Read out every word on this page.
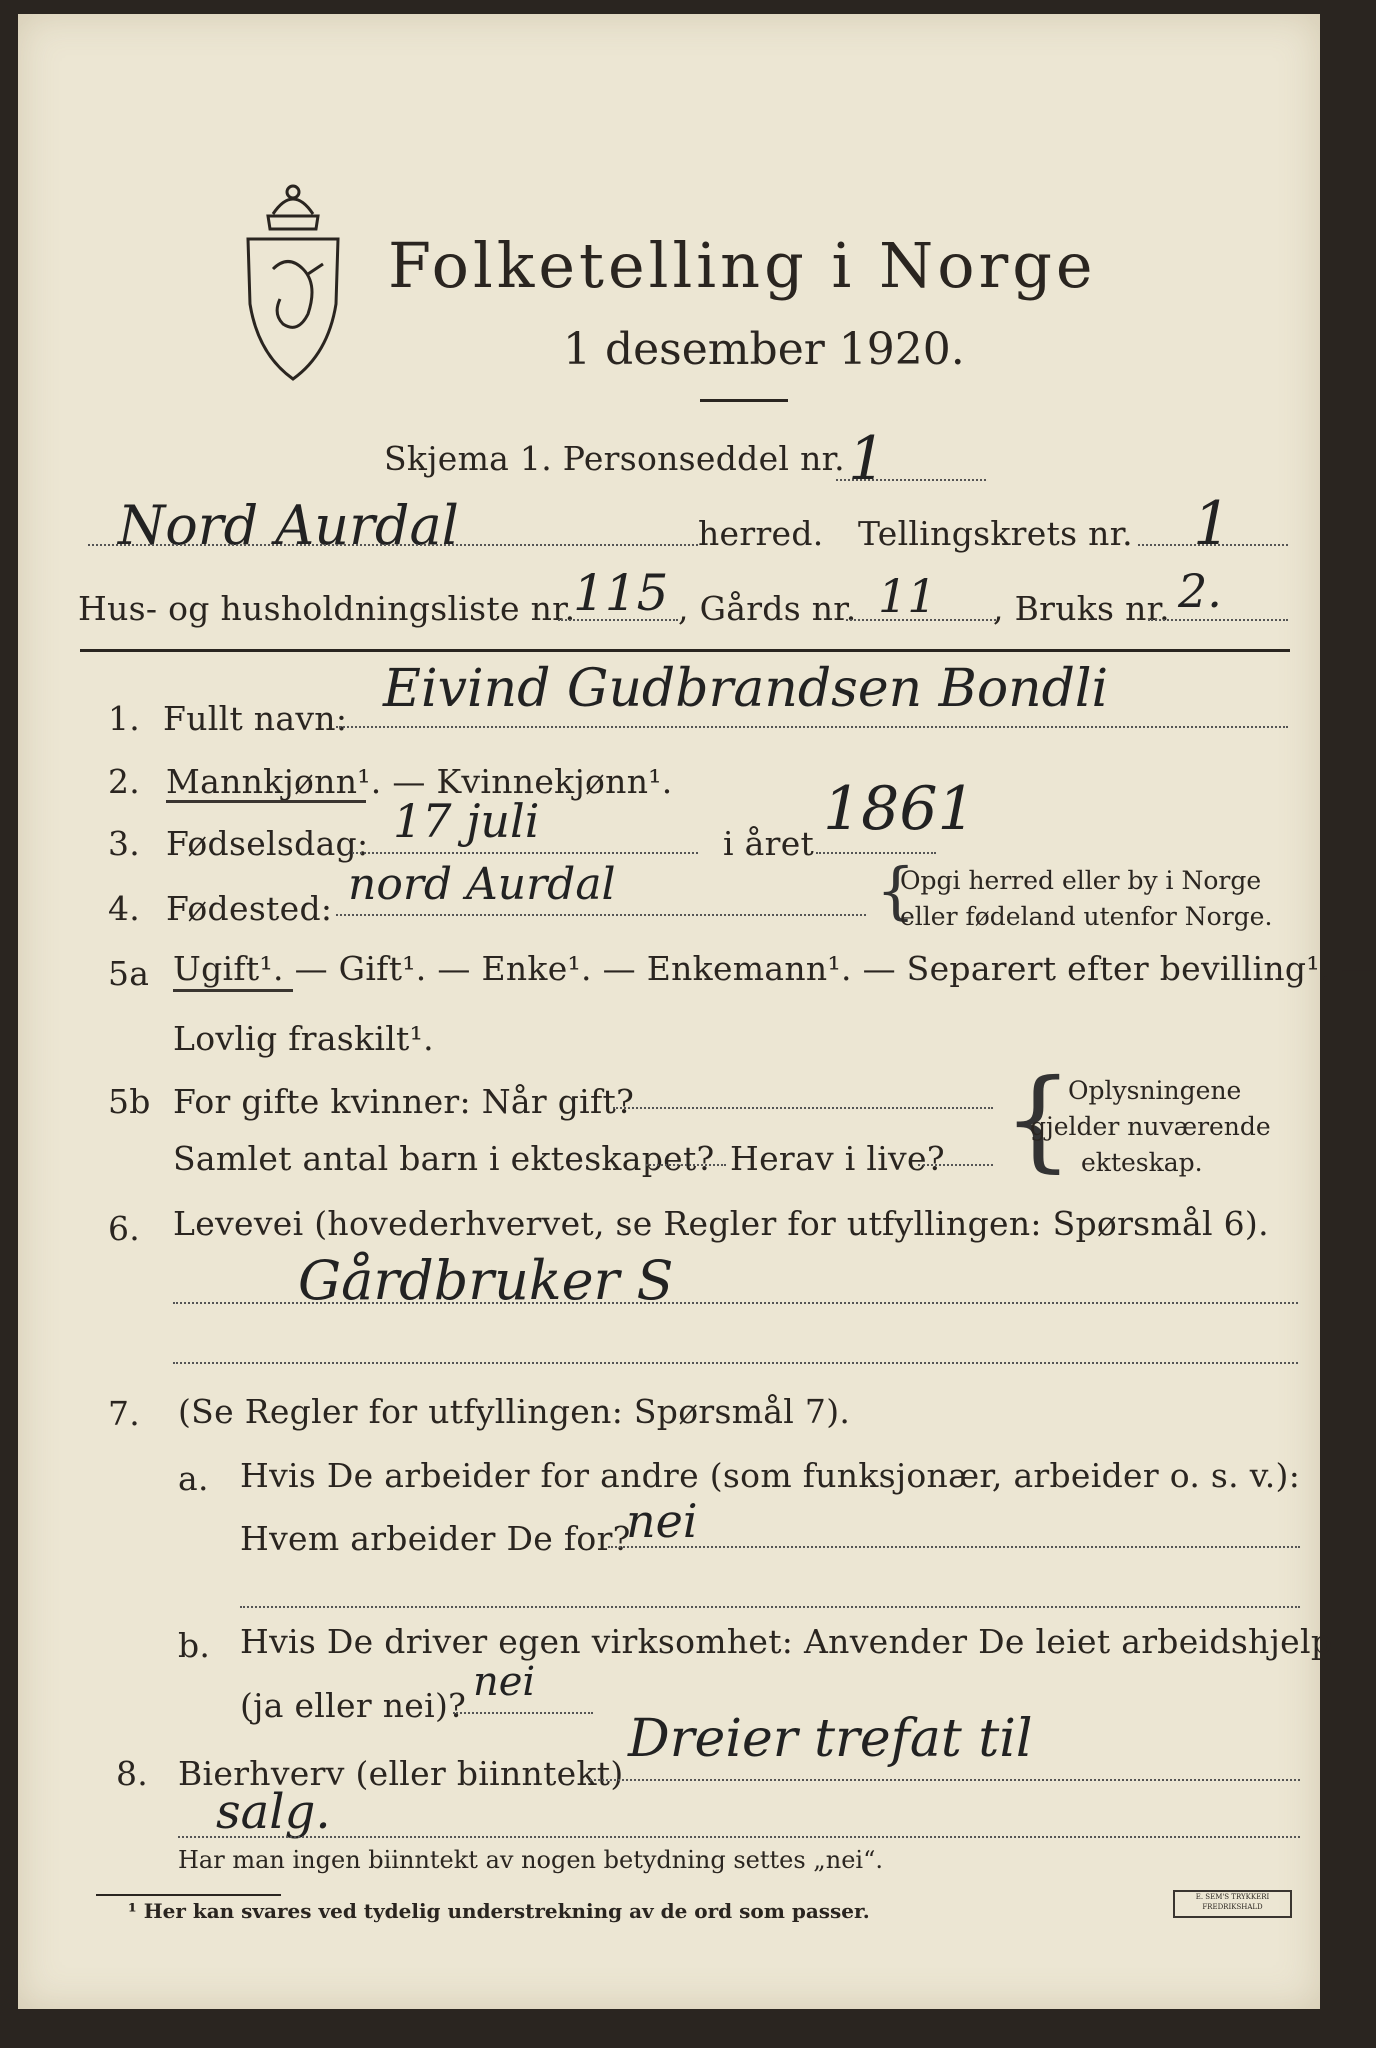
Folketelling i Norge
1 desember 1920.
Skjema 1. Personseddel nr. 1
Nord Aurdal	herred. Tellingskrets nr. 1
Hus- og husholdningsliste nr.
115 , Gårds nr. 11 , Bruks nr. 2.
1. Fullt navn: Eivind Gudbrandsen Bondli
2. Mannkjønn¹. — Kvinnekjønn¹.
3. Fødselsdag: 17 juli	i året 1861
4. Fødested: nord Aurdal	{
Opgi herred eller by i Norge
eller fødeland utenfor Norge.
5a Ugift¹. — Gift¹. — Enke¹. — Enkemann¹. — Separert efter bevilling¹. —
Lovlig fraskilt¹.
5b For gifte kvinner: Når gift?
Samlet antal barn i ekteskapet? Herav i live? {
Oplysningene
gjelder nuværende
ekteskap.
6. Levevei (hovederhvervet, se Regler for utfyllingen: Spørsmål 6).
Gårdbruker S
7. (Se Regler for utfyllingen: Spørsmål 7).
a. Hvis De arbeider for andre (som funksjonær, arbeider o. s. v.):
Hvem arbeider De for?
nei
b. Hvis De driver egen virksomhet: Anvender De leiet arbeidshjelp
(ja eller nei)?
nei
8. Bierhverv (eller biinntekt)
Dreier trefat til
salg.
Har man ingen biinntekt av nogen betydning settes „nei“.
¹ Her kan svares ved tydelig understrekning av de ord som passer.
E. SEM'S TRYKKERI FREDRIKSHALD
